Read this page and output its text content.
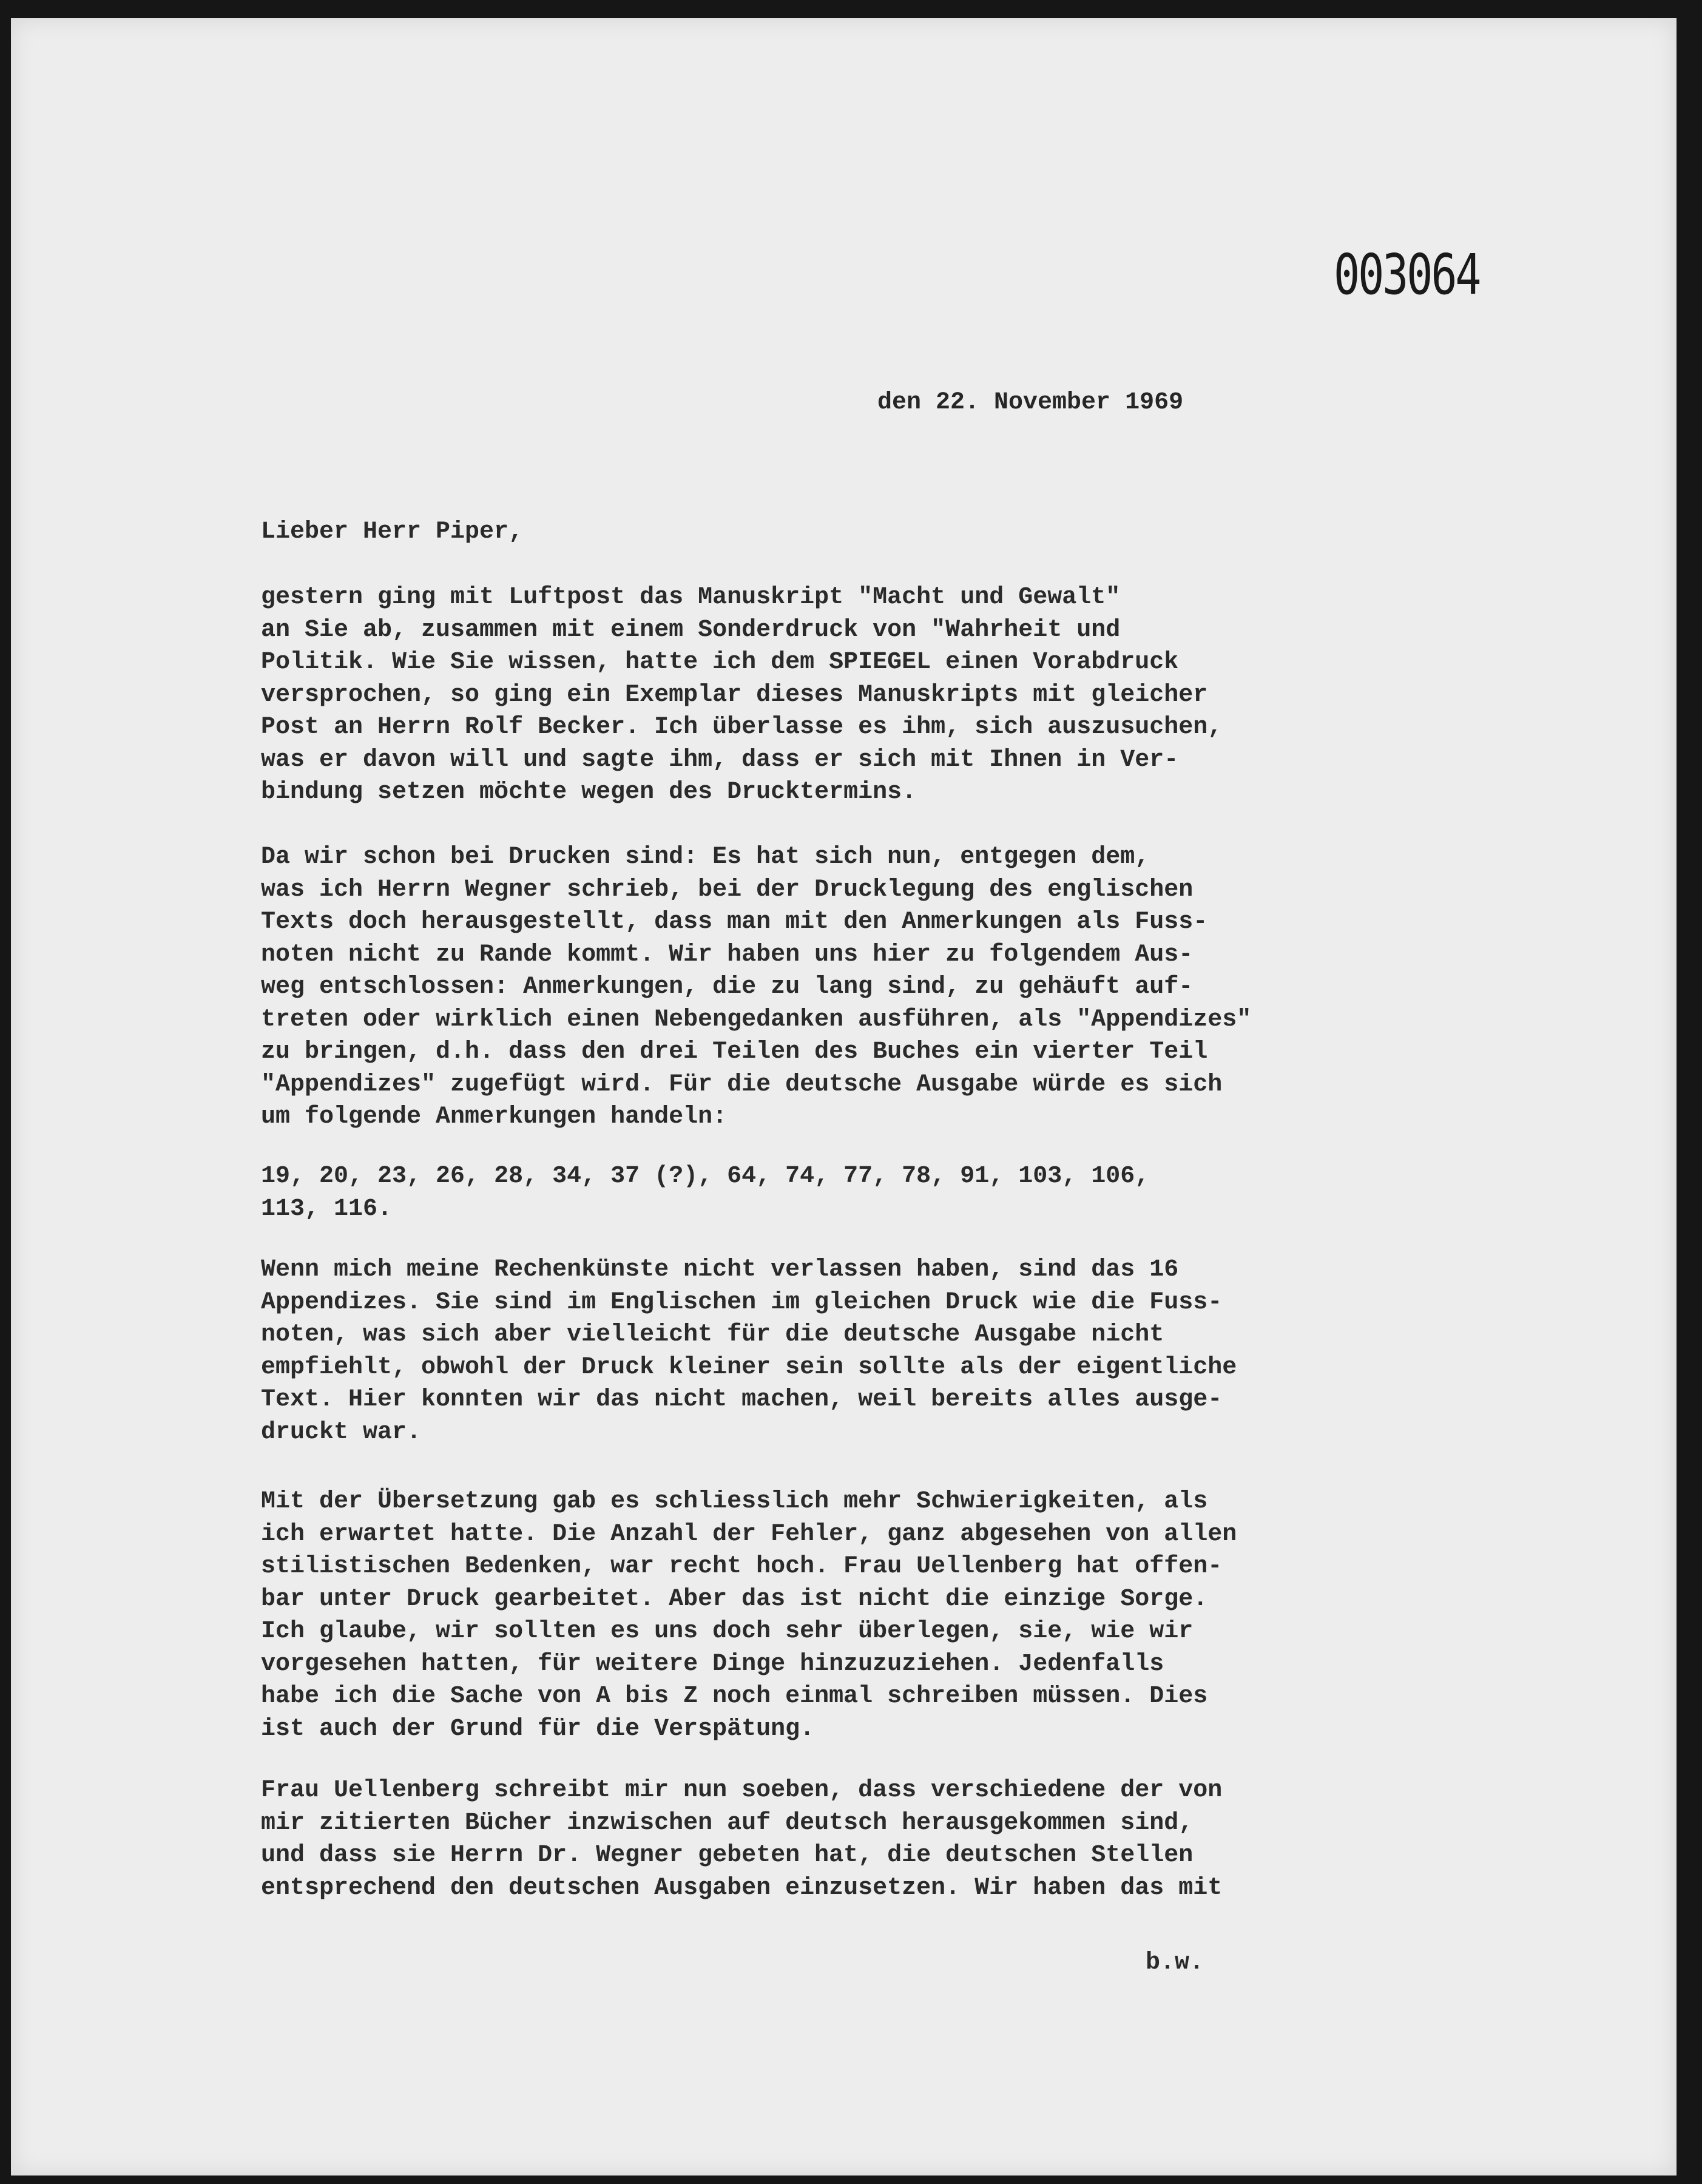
003064
den 22. November 1969
Lieber Herr Piper,
gestern ging mit Luftpost das Manuskript "Macht und Gewalt"
an Sie ab, zusammen mit einem Sonderdruck von "Wahrheit und
Politik. Wie Sie wissen, hatte ich dem SPIEGEL einen Vorabdruck
versprochen, so ging ein Exemplar dieses Manuskripts mit gleicher
Post an Herrn Rolf Becker. Ich überlasse es ihm, sich auszusuchen,
was er davon will und sagte ihm, dass er sich mit Ihnen in Ver-
bindung setzen möchte wegen des Drucktermins.
Da wir schon bei Drucken sind: Es hat sich nun, entgegen dem,
was ich Herrn Wegner schrieb, bei der Drucklegung des englischen
Texts doch herausgestellt, dass man mit den Anmerkungen als Fuss-
noten nicht zu Rande kommt. Wir haben uns hier zu folgendem Aus-
weg entschlossen: Anmerkungen, die zu lang sind, zu gehäuft auf-
treten oder wirklich einen Nebengedanken ausführen, als "Appendizes"
zu bringen, d.h. dass den drei Teilen des Buches ein vierter Teil
"Appendizes" zugefügt wird. Für die deutsche Ausgabe würde es sich
um folgende Anmerkungen handeln:
19, 20, 23, 26, 28, 34, 37 (?), 64, 74, 77, 78, 91, 103, 106,
113, 116.
Wenn mich meine Rechenkünste nicht verlassen haben, sind das 16
Appendizes. Sie sind im Englischen im gleichen Druck wie die Fuss-
noten, was sich aber vielleicht für die deutsche Ausgabe nicht
empfiehlt, obwohl der Druck kleiner sein sollte als der eigentliche
Text. Hier konnten wir das nicht machen, weil bereits alles ausge-
druckt war.
Mit der Übersetzung gab es schliesslich mehr Schwierigkeiten, als
ich erwartet hatte. Die Anzahl der Fehler, ganz abgesehen von allen
stilistischen Bedenken, war recht hoch. Frau Uellenberg hat offen-
bar unter Druck gearbeitet. Aber das ist nicht die einzige Sorge.
Ich glaube, wir sollten es uns doch sehr überlegen, sie, wie wir
vorgesehen hatten, für weitere Dinge hinzuzuziehen. Jedenfalls
habe ich die Sache von A bis Z noch einmal schreiben müssen. Dies
ist auch der Grund für die Verspätung.
Frau Uellenberg schreibt mir nun soeben, dass verschiedene der von
mir zitierten Bücher inzwischen auf deutsch herausgekommen sind,
und dass sie Herrn Dr. Wegner gebeten hat, die deutschen Stellen
entsprechend den deutschen Ausgaben einzusetzen. Wir haben das mit
b.w.
